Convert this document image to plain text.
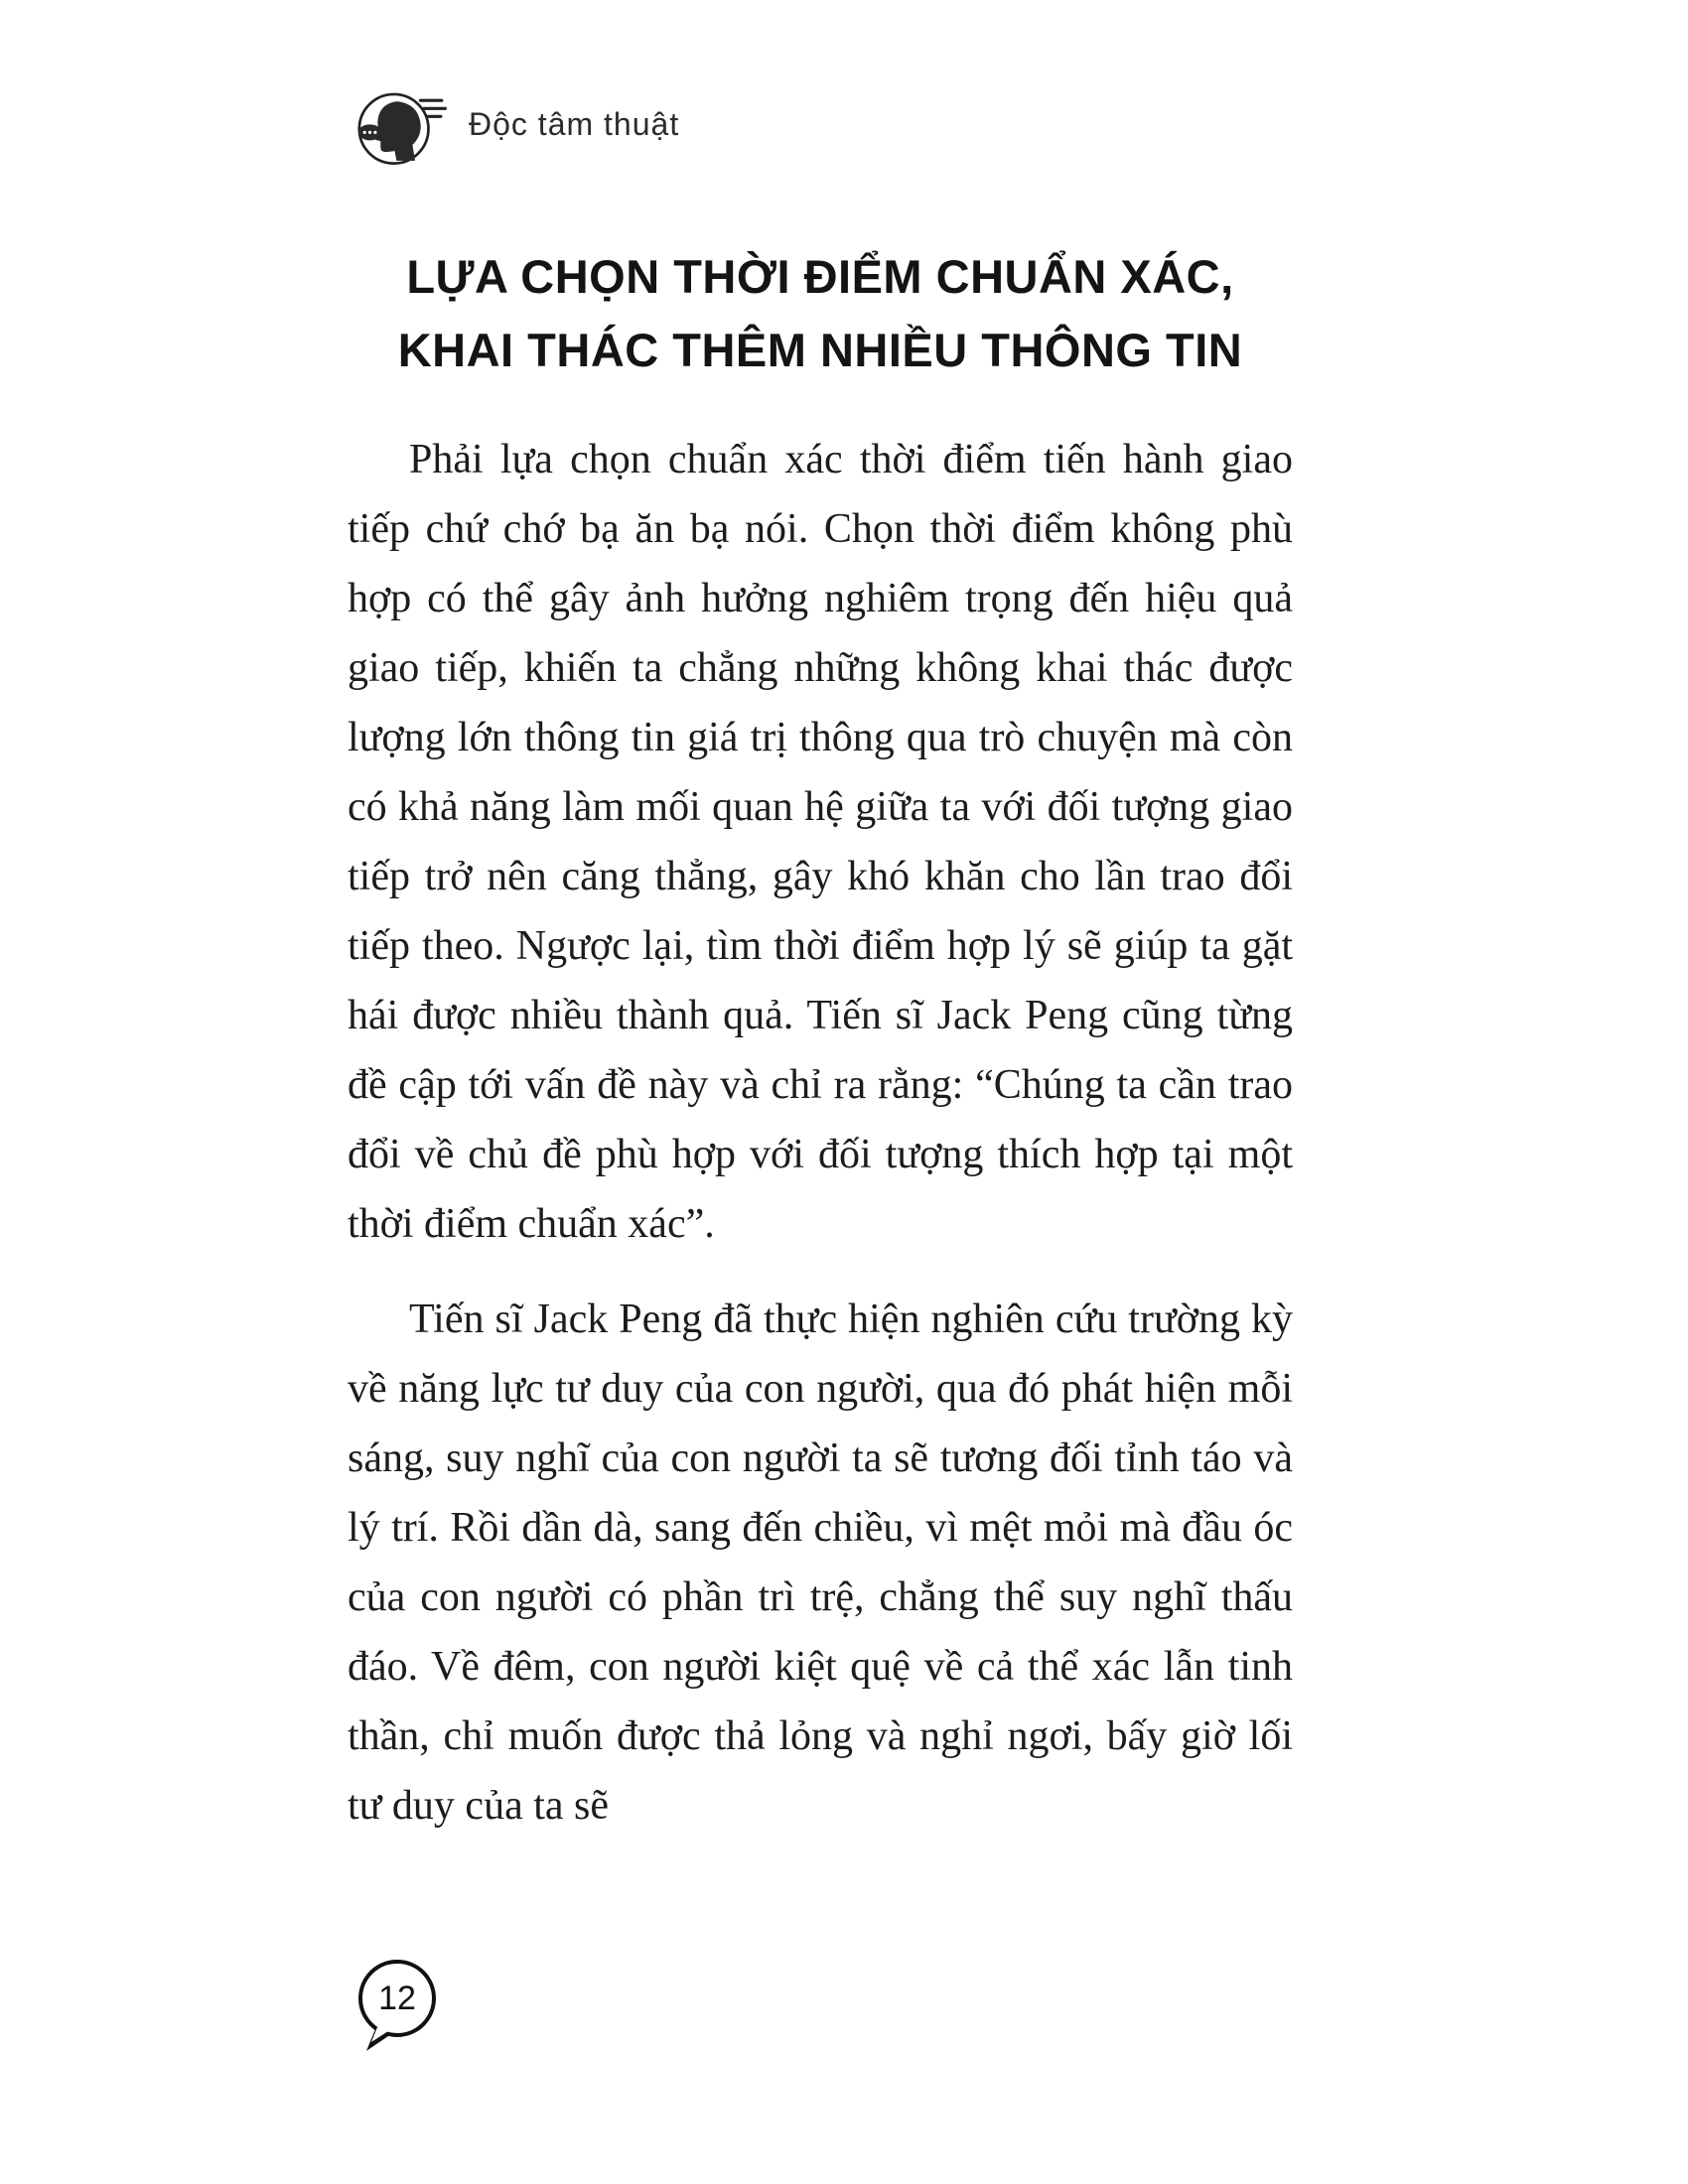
Độc tâm thuật
LỰA CHỌN THỜI ĐIỂM CHUẨN XÁC,
KHAI THÁC THÊM NHIỀU THÔNG TIN

Phải lựa chọn chuẩn xác thời điểm tiến hành giao tiếp chứ chớ bạ ăn bạ nói. Chọn thời điểm không phù hợp có thể gây ảnh hưởng nghiêm trọng đến hiệu quả giao tiếp, khiến ta chẳng những không khai thác được lượng lớn thông tin giá trị thông qua trò chuyện mà còn có khả năng làm mối quan hệ giữa ta với đối tượng giao tiếp trở nên căng thẳng, gây khó khăn cho lần trao đổi tiếp theo. Ngược lại, tìm thời điểm hợp lý sẽ giúp ta gặt hái được nhiều thành quả. Tiến sĩ Jack Peng cũng từng đề cập tới vấn đề này và chỉ ra rằng: “Chúng ta cần trao đổi về chủ đề phù hợp với đối tượng thích hợp tại một thời điểm chuẩn xác”.

Tiến sĩ Jack Peng đã thực hiện nghiên cứu trường kỳ về năng lực tư duy của con người, qua đó phát hiện mỗi sáng, suy nghĩ của con người ta sẽ tương đối tỉnh táo và lý trí. Rồi dần dà, sang đến chiều, vì mệt mỏi mà đầu óc của con người có phần trì trệ, chẳng thể suy nghĩ thấu đáo. Về đêm, con người kiệt quệ về cả thể xác lẫn tinh thần, chỉ muốn được thả lỏng và nghỉ ngơi, bấy giờ lối tư duy của ta sẽ

12
